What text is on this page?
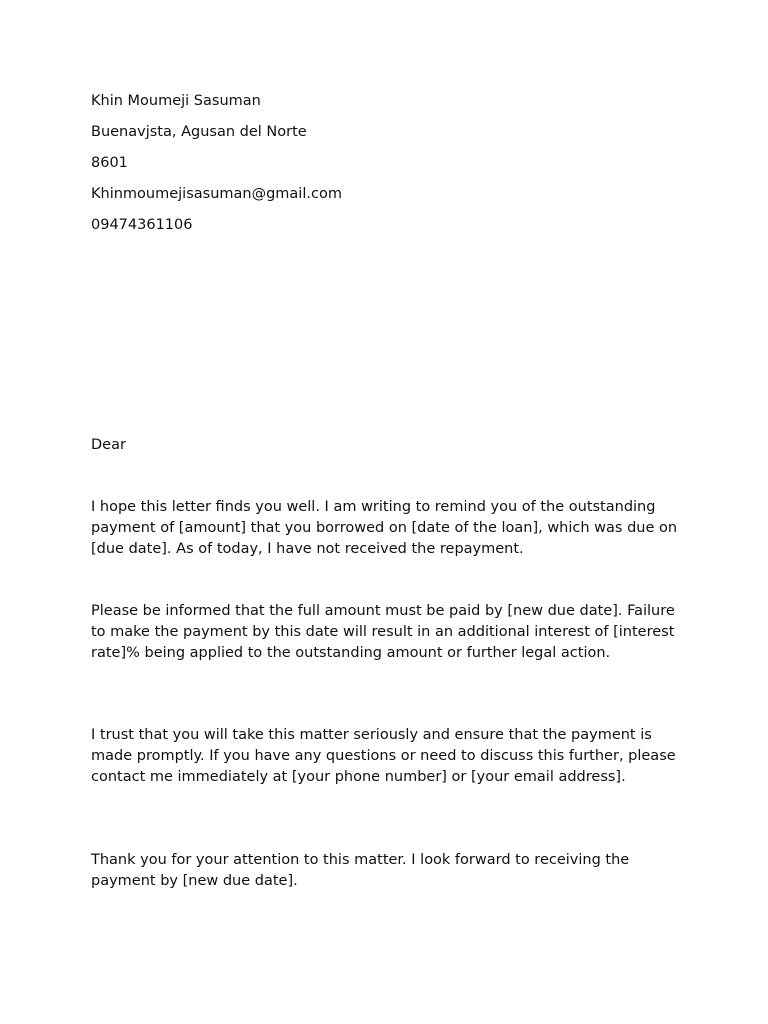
Khin Moumeji Sasuman
Buenavjsta, Agusan del Norte
8601
Khinmoumejisasuman@gmail.com
09474361106

Dear

I hope this letter finds you well. I am writing to remind you of the outstanding payment of [amount] that you borrowed on [date of the loan], which was due on [due date]. As of today, I have not received the repayment.

Please be informed that the full amount must be paid by [new due date]. Failure to make the payment by this date will result in an additional interest of [interest rate]% being applied to the outstanding amount or further legal action.

I trust that you will take this matter seriously and ensure that the payment is made promptly. If you have any questions or need to discuss this further, please contact me immediately at [your phone number] or [your email address].

Thank you for your attention to this matter. I look forward to receiving the payment by [new due date].
